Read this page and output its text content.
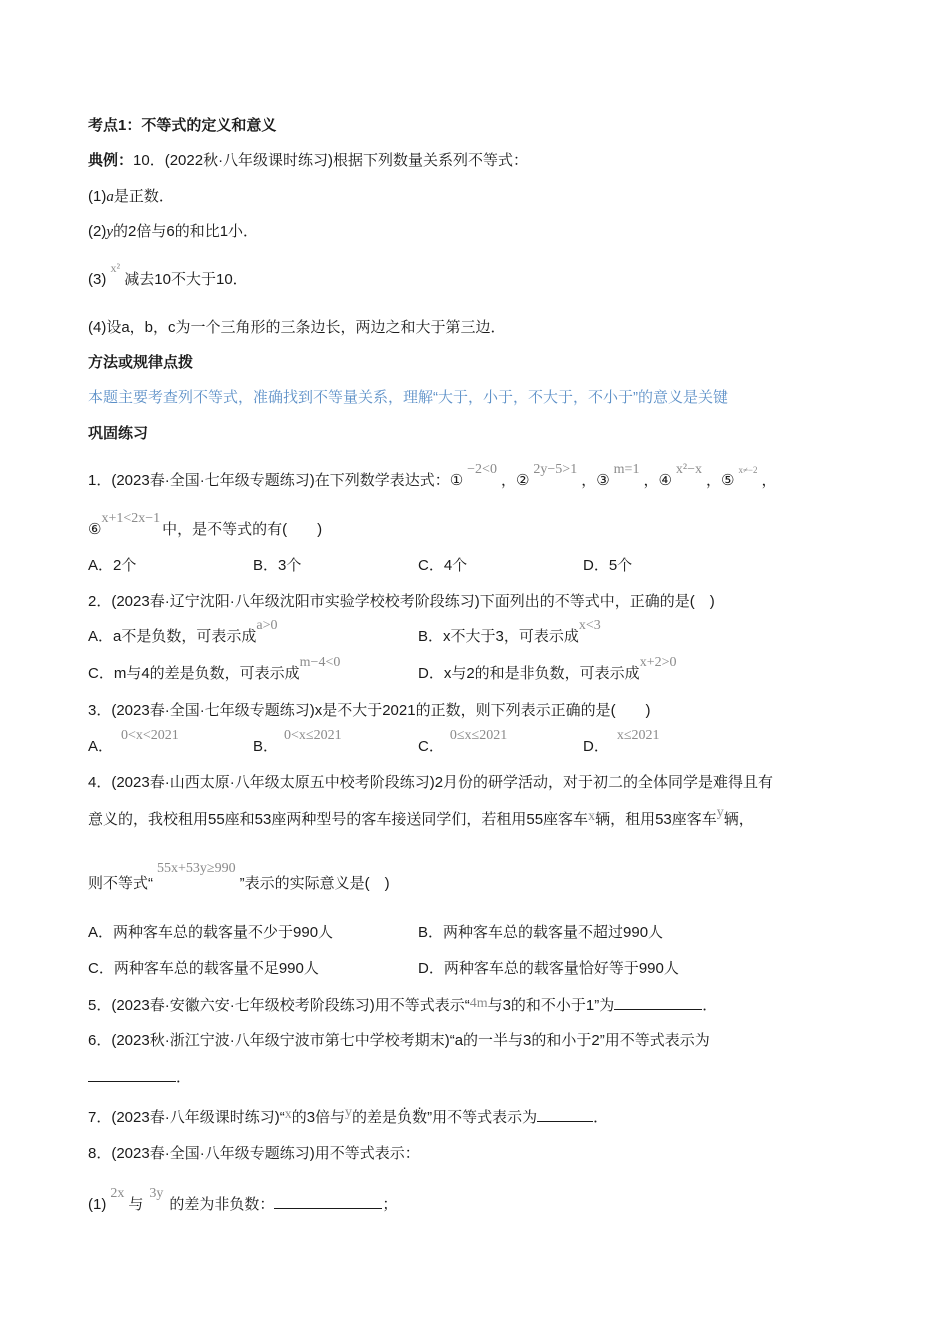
考点1：不等式的定义和意义
典例：10．(2022秋·八年级课时练习)根据下列数量关系列不等式：
(1)a是正数．
(2)y的2倍与6的和比1小．
(3) $^{x^2}$ 减去10不大于10．
(4)设a，b，c为一个三角形的三条边长，两边之和大于第三边．
方法或规律点拨
本题主要考查列不等式，准确找到不等量关系，理解“大于，小于，不大于，不小于”的意义是关键
巩固练习
1．(2023春·全国·七年级专题练习)在下列数学表达式：①−2<0，②2y−5>1，③m=1，④x²−x，⑤$^{x\ne-2}$，
⑥x+1<2x−1中，是不等式的有(　　)
A．2个	B．3个	C．4个	D．5个
2．(2023春·辽宁沈阳·八年级沈阳市实验学校校考阶段练习)下面列出的不等式中，正确的是(　)
A．a不是负数，可表示成a>0
B．x不大于3，可表示成x<3
C．m与4的差是负数，可表示成m−4<0
D．x与2的和是非负数，可表示成x+2>0
3．(2023春·全国·七年级专题练习)x是不大于2021的正数，则下列表示正确的是(　　)
A．0<x<2021
B．0<x≤2021
C．0≤x≤2021
D．x≤2021
4．(2023春·山西太原·八年级太原五中校考阶段练习)2月份的研学活动，对于初二的全体同学是难得且有
意义的，我校租用55座和53座两种型号的客车接送同学们，若租用55座客车x辆，租用53座客车y辆，
则不等式“55x+53y≥990”表示的实际意义是(　)
A．两种客车总的载客量不少于990人	B．两种客车总的载客量不超过990人
C．两种客车总的载客量不足990人	D．两种客车总的载客量恰好等于990人
5．(2023春·安徽六安·七年级校考阶段练习)用不等式表示“4m与3的和不小于1”为	．
6．(2023秋·浙江宁波·八年级宁波市第七中学校考期末)“a的一半与3的和小于2”用不等式表示为
．
7．(2023春·八年级课时练习)“x的3倍与y的差是负数”用不等式表示为	．
8．(2023春·全国·八年级专题练习)用不等式表示：
(1)2x与3y的差为非负数：	；
